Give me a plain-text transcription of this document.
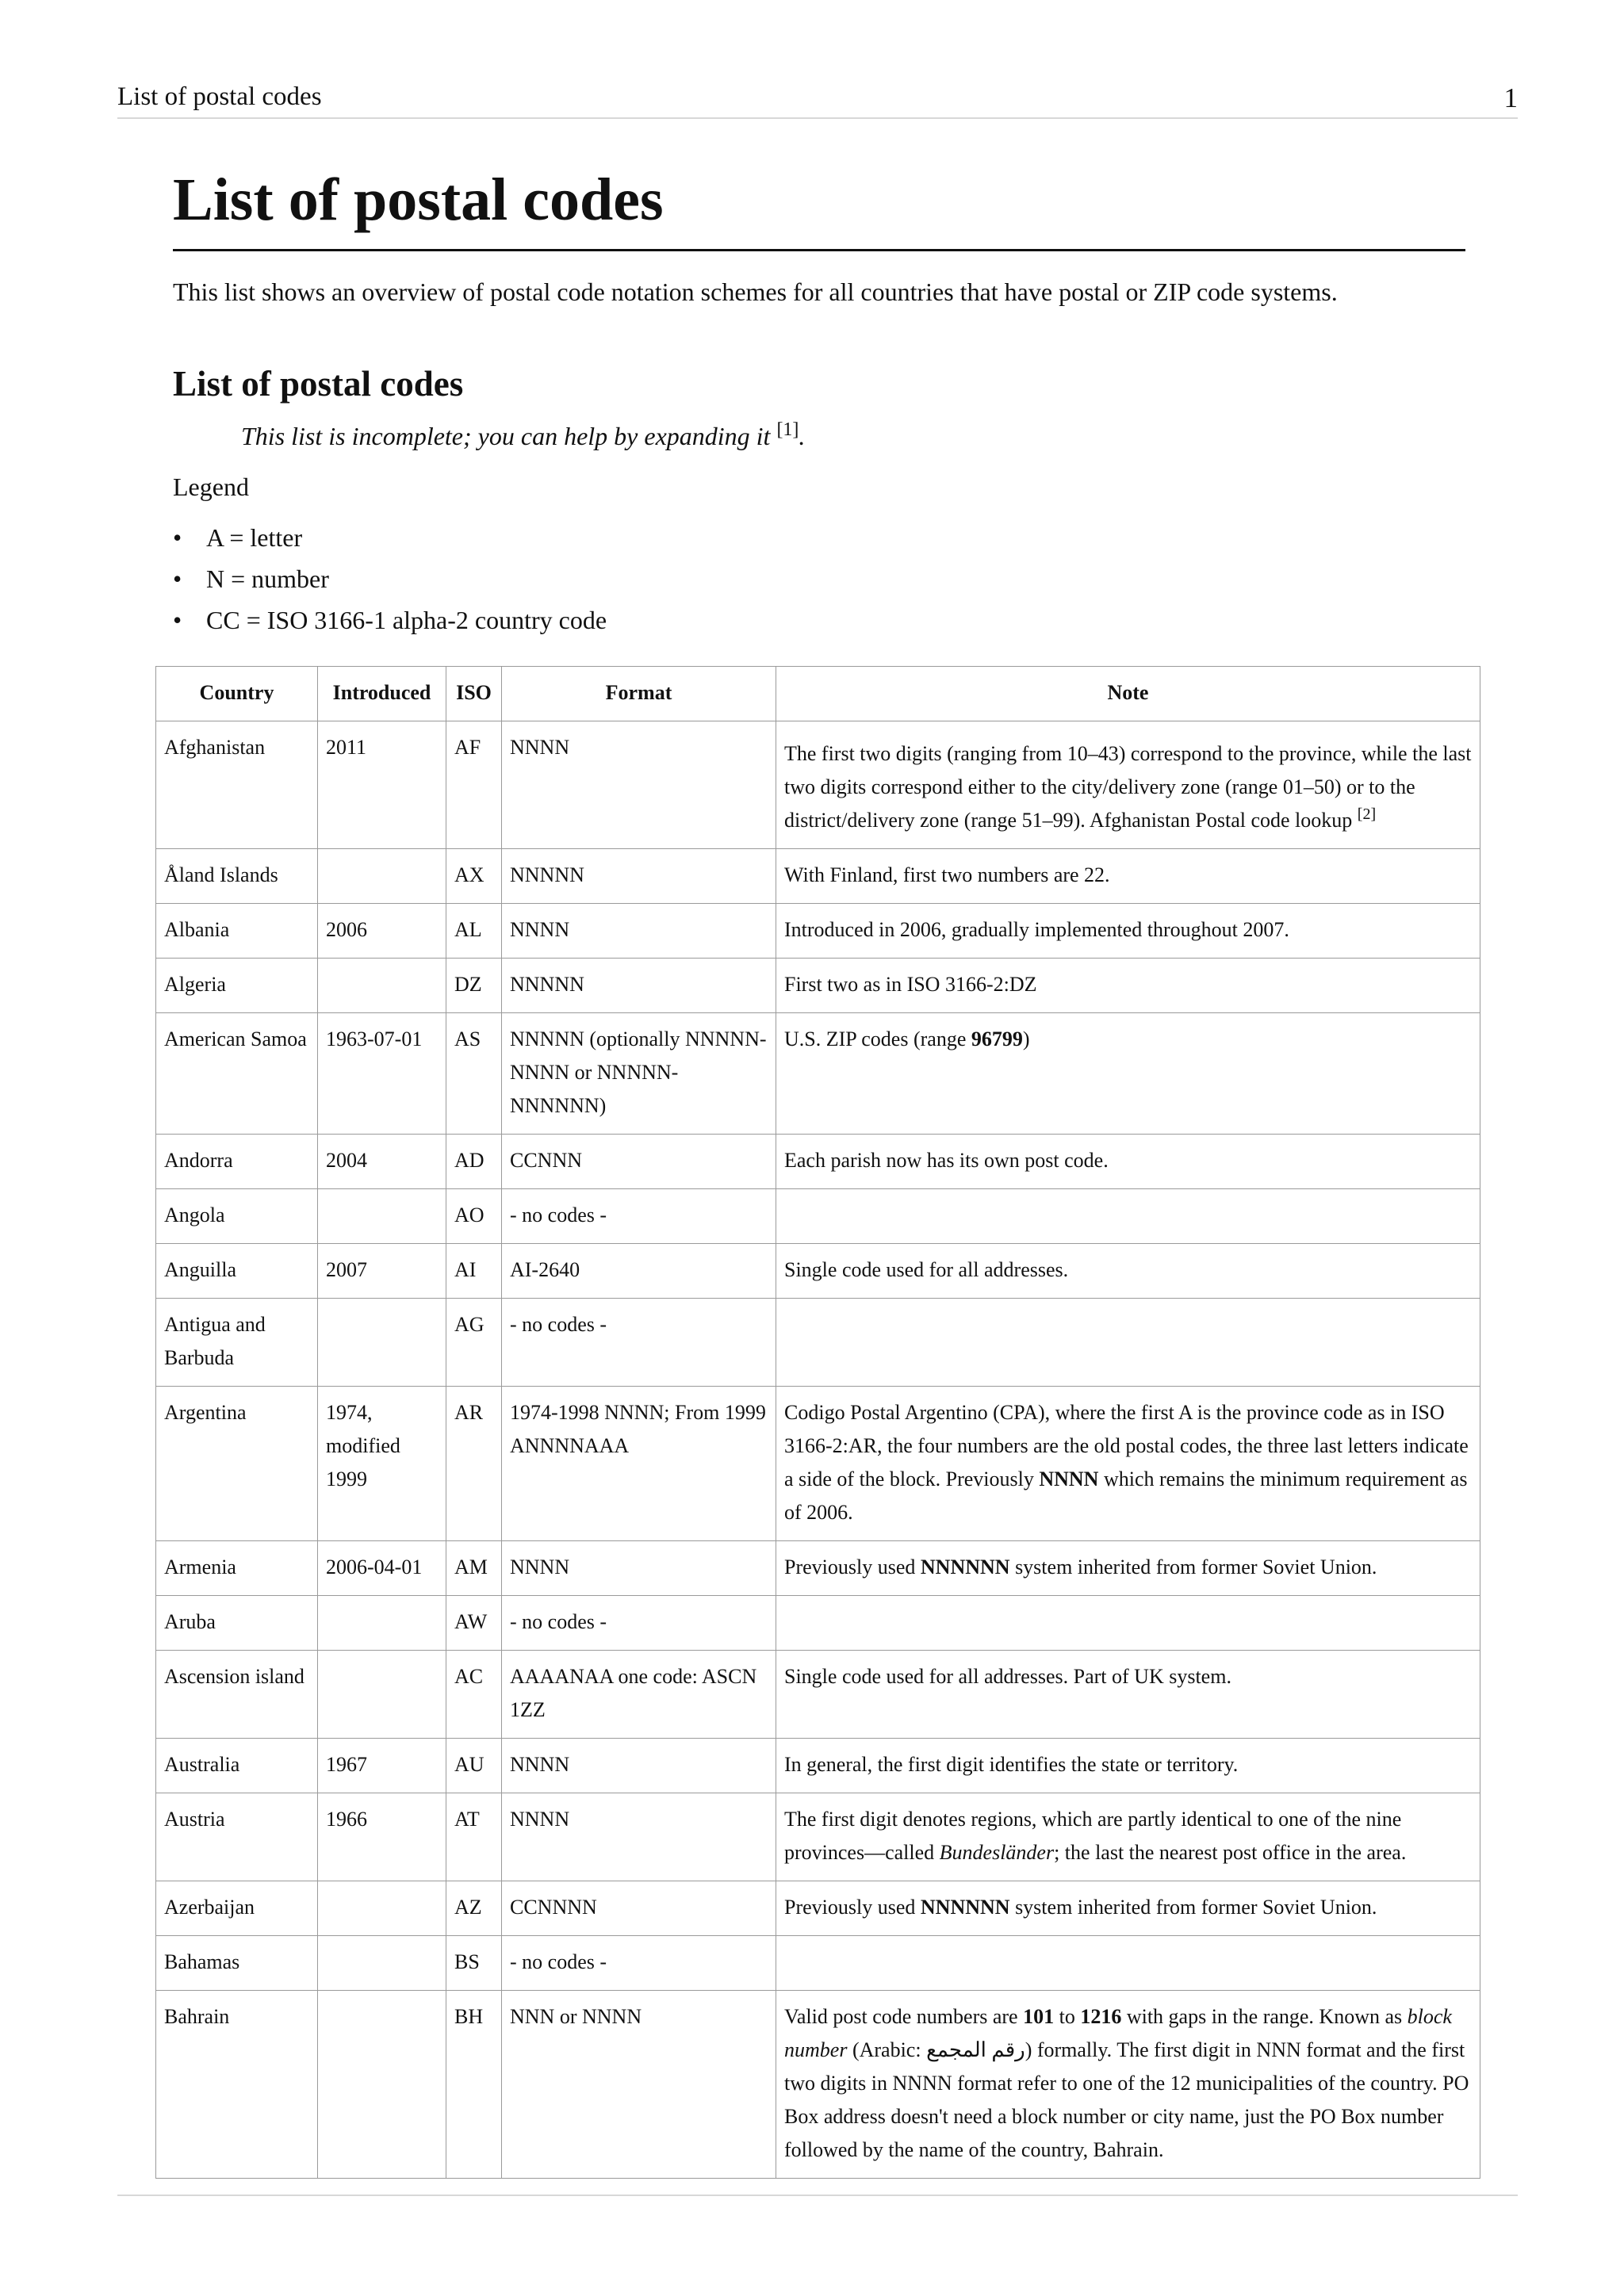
List of postal codes	1
List of postal codes

This list shows an overview of postal code notation schemes for all countries that have postal or ZIP code systems.

List of postal codes

This list is incomplete; you can help by expanding it [1].

Legend

• A = letter
• N = number
• CC = ISO 3166-1 alpha-2 country code
Country	Introduced	ISO	Format	Note
Afghanistan	2011	AF	NNNN	The first two digits (ranging from 10–43) correspond to the province, while the last two digits correspond either to the city/delivery zone (range 01–50) or to the district/delivery zone (range 51–99). Afghanistan Postal code lookup [2]
Åland Islands		AX	NNNNN	With Finland, first two numbers are 22.
Albania	2006	AL	NNNN	Introduced in 2006, gradually implemented throughout 2007.
Algeria		DZ	NNNNN	First two as in ISO 3166-2:DZ
American Samoa	1963-07-01	AS	NNNNN (optionally NNNNN-NNNN or NNNNN-NNNNNN)	U.S. ZIP codes (range 96799)
Andorra	2004	AD	CCNNN	Each parish now has its own post code.
Angola		AO	- no codes -	
Anguilla	2007	AI	AI-2640	Single code used for all addresses.
Antigua and Barbuda		AG	- no codes -	
Argentina	1974, modified 1999	AR	1974-1998 NNNN; From 1999 ANNNNAAA	Codigo Postal Argentino (CPA), where the first A is the province code as in ISO 3166-2:AR, the four numbers are the old postal codes, the three last letters indicate a side of the block. Previously NNNN which remains the minimum requirement as of 2006.
Armenia	2006-04-01	AM	NNNN	Previously used NNNNNN system inherited from former Soviet Union.
Aruba		AW	- no codes -	
Ascension island		AC	AAAANAA one code: ASCN 1ZZ	Single code used for all addresses. Part of UK system.
Australia	1967	AU	NNNN	In general, the first digit identifies the state or territory.
Austria	1966	AT	NNNN	The first digit denotes regions, which are partly identical to one of the nine provinces—called Bundesländer; the last the nearest post office in the area.
Azerbaijan		AZ	CCNNNN	Previously used NNNNNN system inherited from former Soviet Union.
Bahamas		BS	- no codes -	
Bahrain		BH	NNN or NNNN	Valid post code numbers are 101 to 1216 with gaps in the range. Known as block number (Arabic: رقم المجمع) formally. The first digit in NNN format and the first two digits in NNNN format refer to one of the 12 municipalities of the country. PO Box address doesn't need a block number or city name, just the PO Box number followed by the name of the country, Bahrain.
